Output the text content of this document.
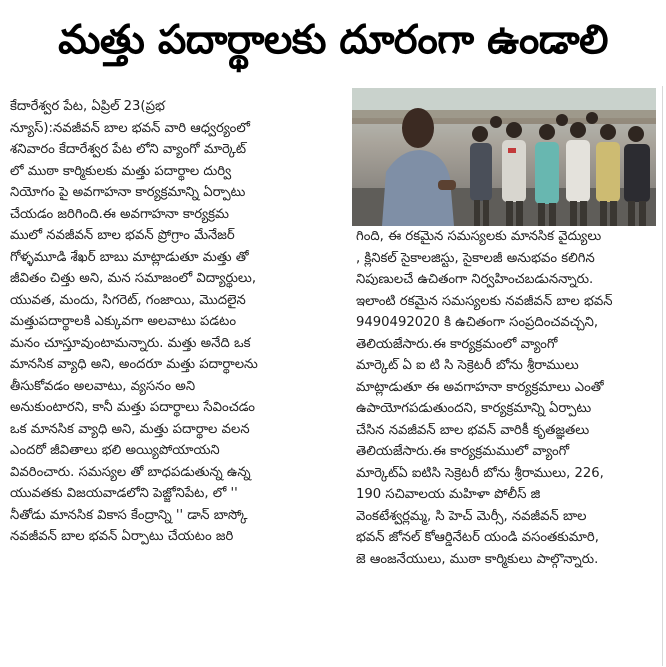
మత్తు పదార్థాలకు దూరంగా ఉండాలి
కేదారేశ్వర పేట, ఏప్రిల్ 23(ప్రభ
న్యూస్):నవజీవన్ బాల భవన్ వారి ఆధ్వర్యంలో
శనివారం కేదారేశ్వర పేట లోని వ్యాంగో మార్కెట్
లో ముఠా కార్మికులకు మత్తు పదార్థాల దుర్వి
నియోగం పై అవగాహనా కార్యక్రమాన్ని ఏర్పాటు
చేయడం జరిగింది.ఈ అవగాహనా కార్యక్రమ
ములో నవజీవన్ బాల భవన్ ప్రోగ్రాం మేనేజర్
గోళ్ళమూడి శేఖర్ బాబు మాట్లాడుతూ మత్తు తో
జీవితం చిత్తు అని, మన సమాజంలో విద్యార్థులు,
యువత, మందు, సిగరెట్, గంజాయి, మొదలైన
మత్తుపదార్థాలకి ఎక్కువగా అలవాటు పడటం
మనం చూస్తూవుంటామన్నారు. మత్తు అనేది ఒక
మానసిక వ్యాధి అని, అందరూ మత్తు పదార్థాలను
తీసుకోవడం అలవాటు, వ్యసనం అని
అనుకుంటారని, కానీ మత్తు పదార్థాలు సేవించడం
ఒక మానసిక వ్యాధి అని, మత్తు పదార్థాల వలన
ఎందరో జీవితాలు భలి అయ్యిపోయాయని
వివరించారు. సమస్యల తో బాధపడుతున్న ఉన్న
యువతకు విజయవాడలోని పెజ్జోనిపేట, లో ''
నీతోడు మానసిక వికాస కేంద్రాన్ని '' డాన్ బాస్కో
నవజీవన్ బాల భవన్ ఏర్పాటు చేయటం జరి
గింది, ఈ రకమైన సమస్యలకు మానసిక వైద్యులు
, క్లినికల్ సైకాలజిస్టు, సైకాలజీ అనుభవం కలిగిన
నిపుణులచే ఉచితంగా నిర్వహించబడునన్నారు.
ఇలాంటి రకమైన సమస్యలకు నవజీవన్ బాల భవన్
9490492020 కి ఉచితంగా సంప్రదించవచ్చని,
తెలియజేసారు.ఈ కార్యక్రమంలో వ్యాంగో
మార్కెట్ ఏ ఐ టి సి సెక్రెటరీ బోను శ్రీరాములు
మాట్లాడుతూ ఈ అవగాహనా కార్యక్రమాలు ఎంతో
ఉపాయోగపడుతుందని, కార్యక్రమాన్ని ఏర్పాటు
చేసిన నవజీవన్ బాల భవన్ వారికీ కృతజ్ఞతలు
తెలియజేసారు.ఈ కార్యక్రమములో వ్యాంగో
మార్కెట్ఏ ఐటిసి సెక్రెటరీ బోను శ్రీరాములు, 226,
190 సచివాలయ మహిళా పోలీస్ జి
వెంకటేశ్వర్లమ్మ, సి హెచ్ మెర్సీ, నవజీవన్ బాల
భవన్ జోనల్ కోఆర్డినేటర్ యండి వసంతకుమారి,
జె ఆంజనేయులు, ముఠా కార్మికులు పాల్గొన్నారు.
